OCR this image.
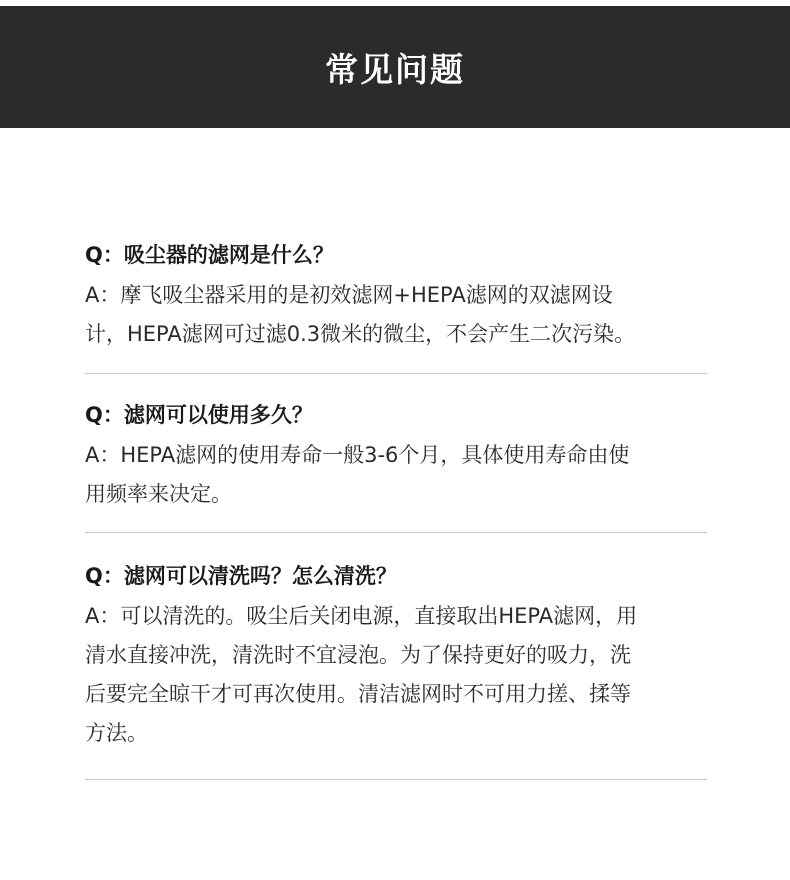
常见问题
Q：吸尘器的滤网是什么？
A：摩飞吸尘器采用的是初效滤网+HEPA滤网的双滤网设
计，HEPA滤网可过滤0.3微米的微尘，不会产生二次污染。
Q：滤网可以使用多久？
A：HEPA滤网的使用寿命一般3-6个月，具体使用寿命由使
用频率来决定。
Q：滤网可以清洗吗？怎么清洗？
A：可以清洗的。吸尘后关闭电源，直接取出HEPA滤网，用
清水直接冲洗，清洗时不宜浸泡。为了保持更好的吸力，洗
后要完全晾干才可再次使用。清洁滤网时不可用力搓、揉等
方法。
